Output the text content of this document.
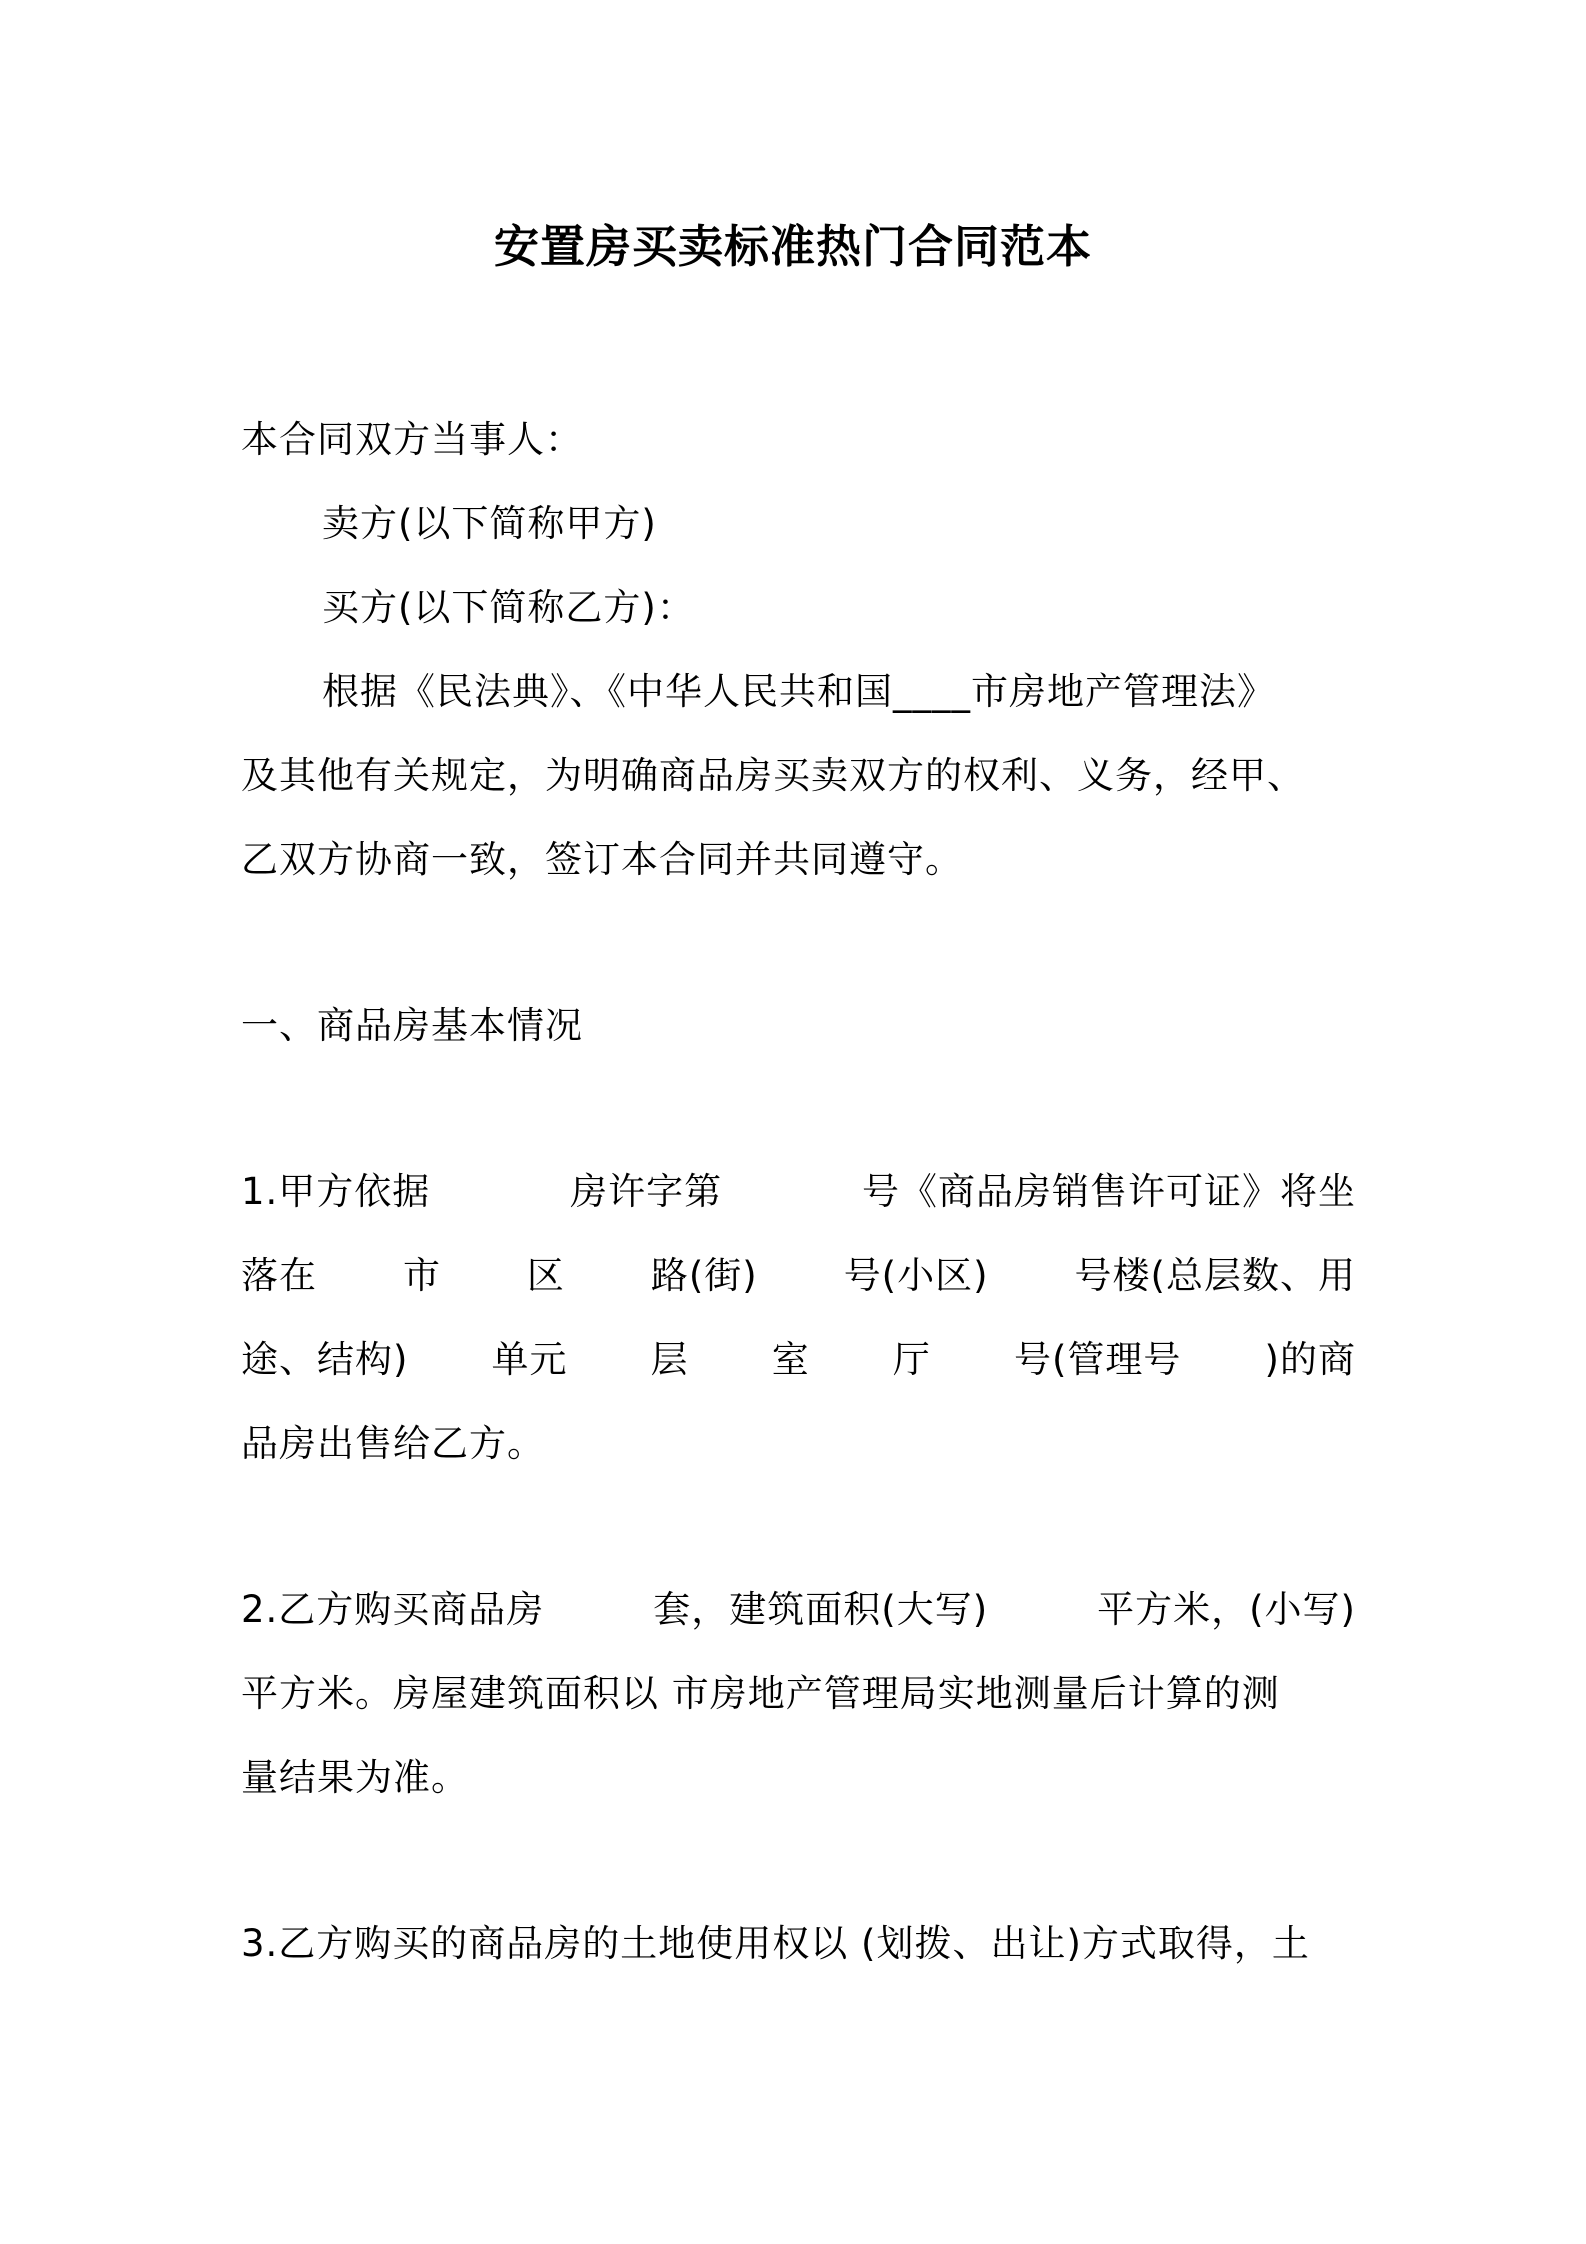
安置房买卖标准热门合同范本
本合同双方当事人：
卖方(以下简称甲方)
买方(以下简称乙方)：
根据《民法典》、《中华人民共和国____市房地产管理法》
及其他有关规定，为明确商品房买卖双方的权利、义务，经甲、
乙双方协商一致，签订本合同并共同遵守。
一、商品房基本情况
1.甲方依据	房许字第	号《商品房销售许可证》将坐
落在 市 区 路(街) 号(小区) 号楼(总层数、用
途、结构) 单元 层 室 厅 号(管理号 )的商
品房出售给乙方。
2.乙方购买商品房	套，建筑面积(大写)	平方米，(小写)
平方米。房屋建筑面积以 市房地产管理局实地测量后计算的测
量结果为准。
3.乙方购买的商品房的土地使用权以 (划拨、出让)方式取得，土
